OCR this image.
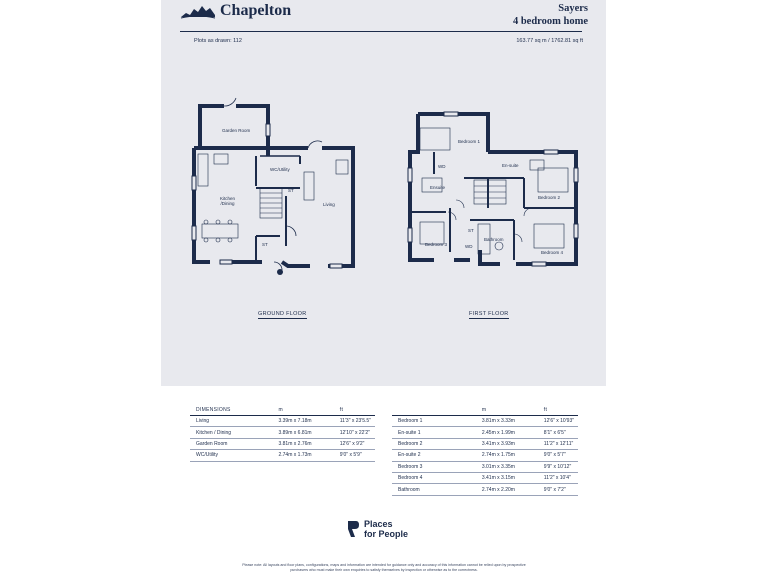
Chapelton	Sayers
4 bedroom home
Plots as drawn: 112	163.77 sq m / 1762.81 sq ft
Garden Room
WC/Utility
ST
Kitchen
/Dining	Living
ST
Bedroom 1
WD
Ensuite
En-suite
Bedroom 2
ST
Bedroom 3	WD
Bathroom
Bedroom 4
GROUND FLOOR	FIRST FLOOR
DIMENSIONS	m	ft
Living	3.39m x 7.18m	11'3" x 23'5.5"
Kitchen / Dining	3.89m x 6.81m	12'10" x 22'2"
Garden Room	3.81m x 2.76m	12'6" x 9'2"
WC/Utility	2.74m x 1.73m	9'0" x 5'9"
	m	ft
Bedroom 1	3.81m x 3.33m	12'6" x 10'93"
En-suite 1	2.45m x 1.99m	8'1" x 6'5"
Bedroom 2	3.41m x 3.93m	11'2" x 12'11"
En-suite 2	2.74m x 1.75m	9'0" x 5'7"
Bedroom 3	3.01m x 3.35m	9'9" x 10'12"
Bedroom 4	3.41m x 3.15m	11'2" x 10'4"
Bathroom	2.74m x 2.20m	9'0" x 7'2"
Places
for People
Please note: All layouts and floor plans, configurations, maps and information are intended for guidance only and accuracy of this information cannot be relied upon by prospective purchasers who must make their own enquiries to satisfy themselves by inspection or otherwise as to the correctness.
